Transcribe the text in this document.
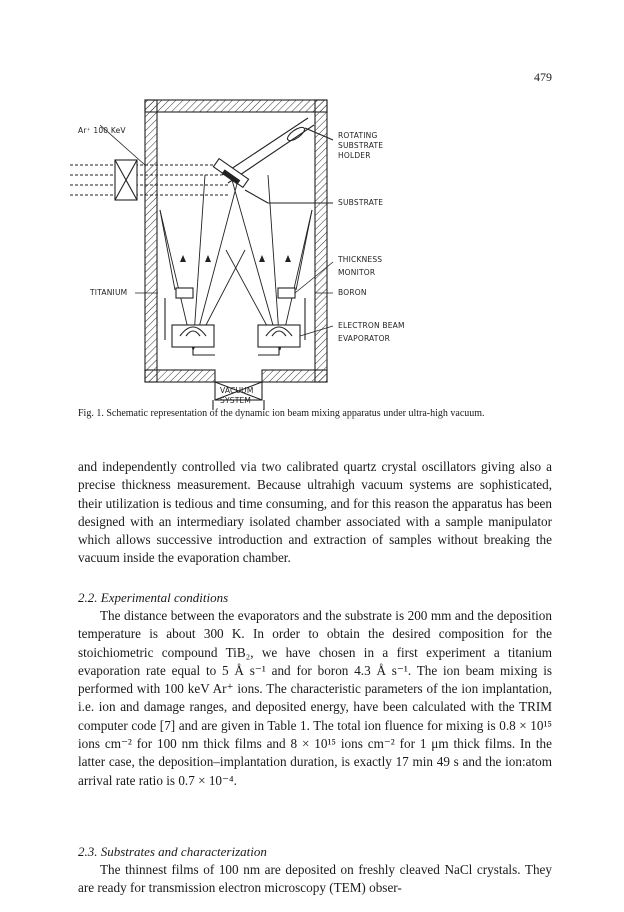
479
Ar⁺ 100 KeV
ROTATING
SUBSTRATE
HOLDER
SUBSTRATE
THICKNESS
MONITOR
BORON
TITANIUM
ELECTRON BEAM
EVAPORATOR
VACUUM
SYSTEM
Fig. 1. Schematic representation of the dynamic ion beam mixing apparatus under ultra-high vacuum.

and independently controlled via two calibrated quartz crystal oscillators giving also a precise thickness measurement. Because ultrahigh vacuum systems are sophisticated, their utilization is tedious and time consuming, and for this reason the apparatus has been designed with an intermediary isolated chamber associated with a sample manipulator which allows successive introduction and extraction of samples without breaking the vacuum inside the evaporation chamber.

2.2. Experimental conditions

The distance between the evaporators and the substrate is 200 mm and the deposition temperature is about 300 K. In order to obtain the desired composition for the stoichiometric compound TiB₂, we have chosen in a first experiment a titanium evaporation rate equal to 5 Å s⁻¹ and for boron 4.3 Å s⁻¹. The ion beam mixing is performed with 100 keV Ar⁺ ions. The characteristic parameters of the ion implantation, i.e. ion and damage ranges, and deposited energy, have been calculated with the TRIM computer code [7] and are given in Table 1. The total ion fluence for mixing is 0.8 × 10¹⁵ ions cm⁻² for 100 nm thick films and 8 × 10¹⁵ ions cm⁻² for 1 μm thick films. In the latter case, the deposition–implantation duration, is exactly 17 min 49 s and the ion:atom arrival rate ratio is 0.7 × 10⁻⁴.

2.3. Substrates and characterization

The thinnest films of 100 nm are deposited on freshly cleaved NaCl crystals. They are ready for transmission electron microscopy (TEM) obser-
